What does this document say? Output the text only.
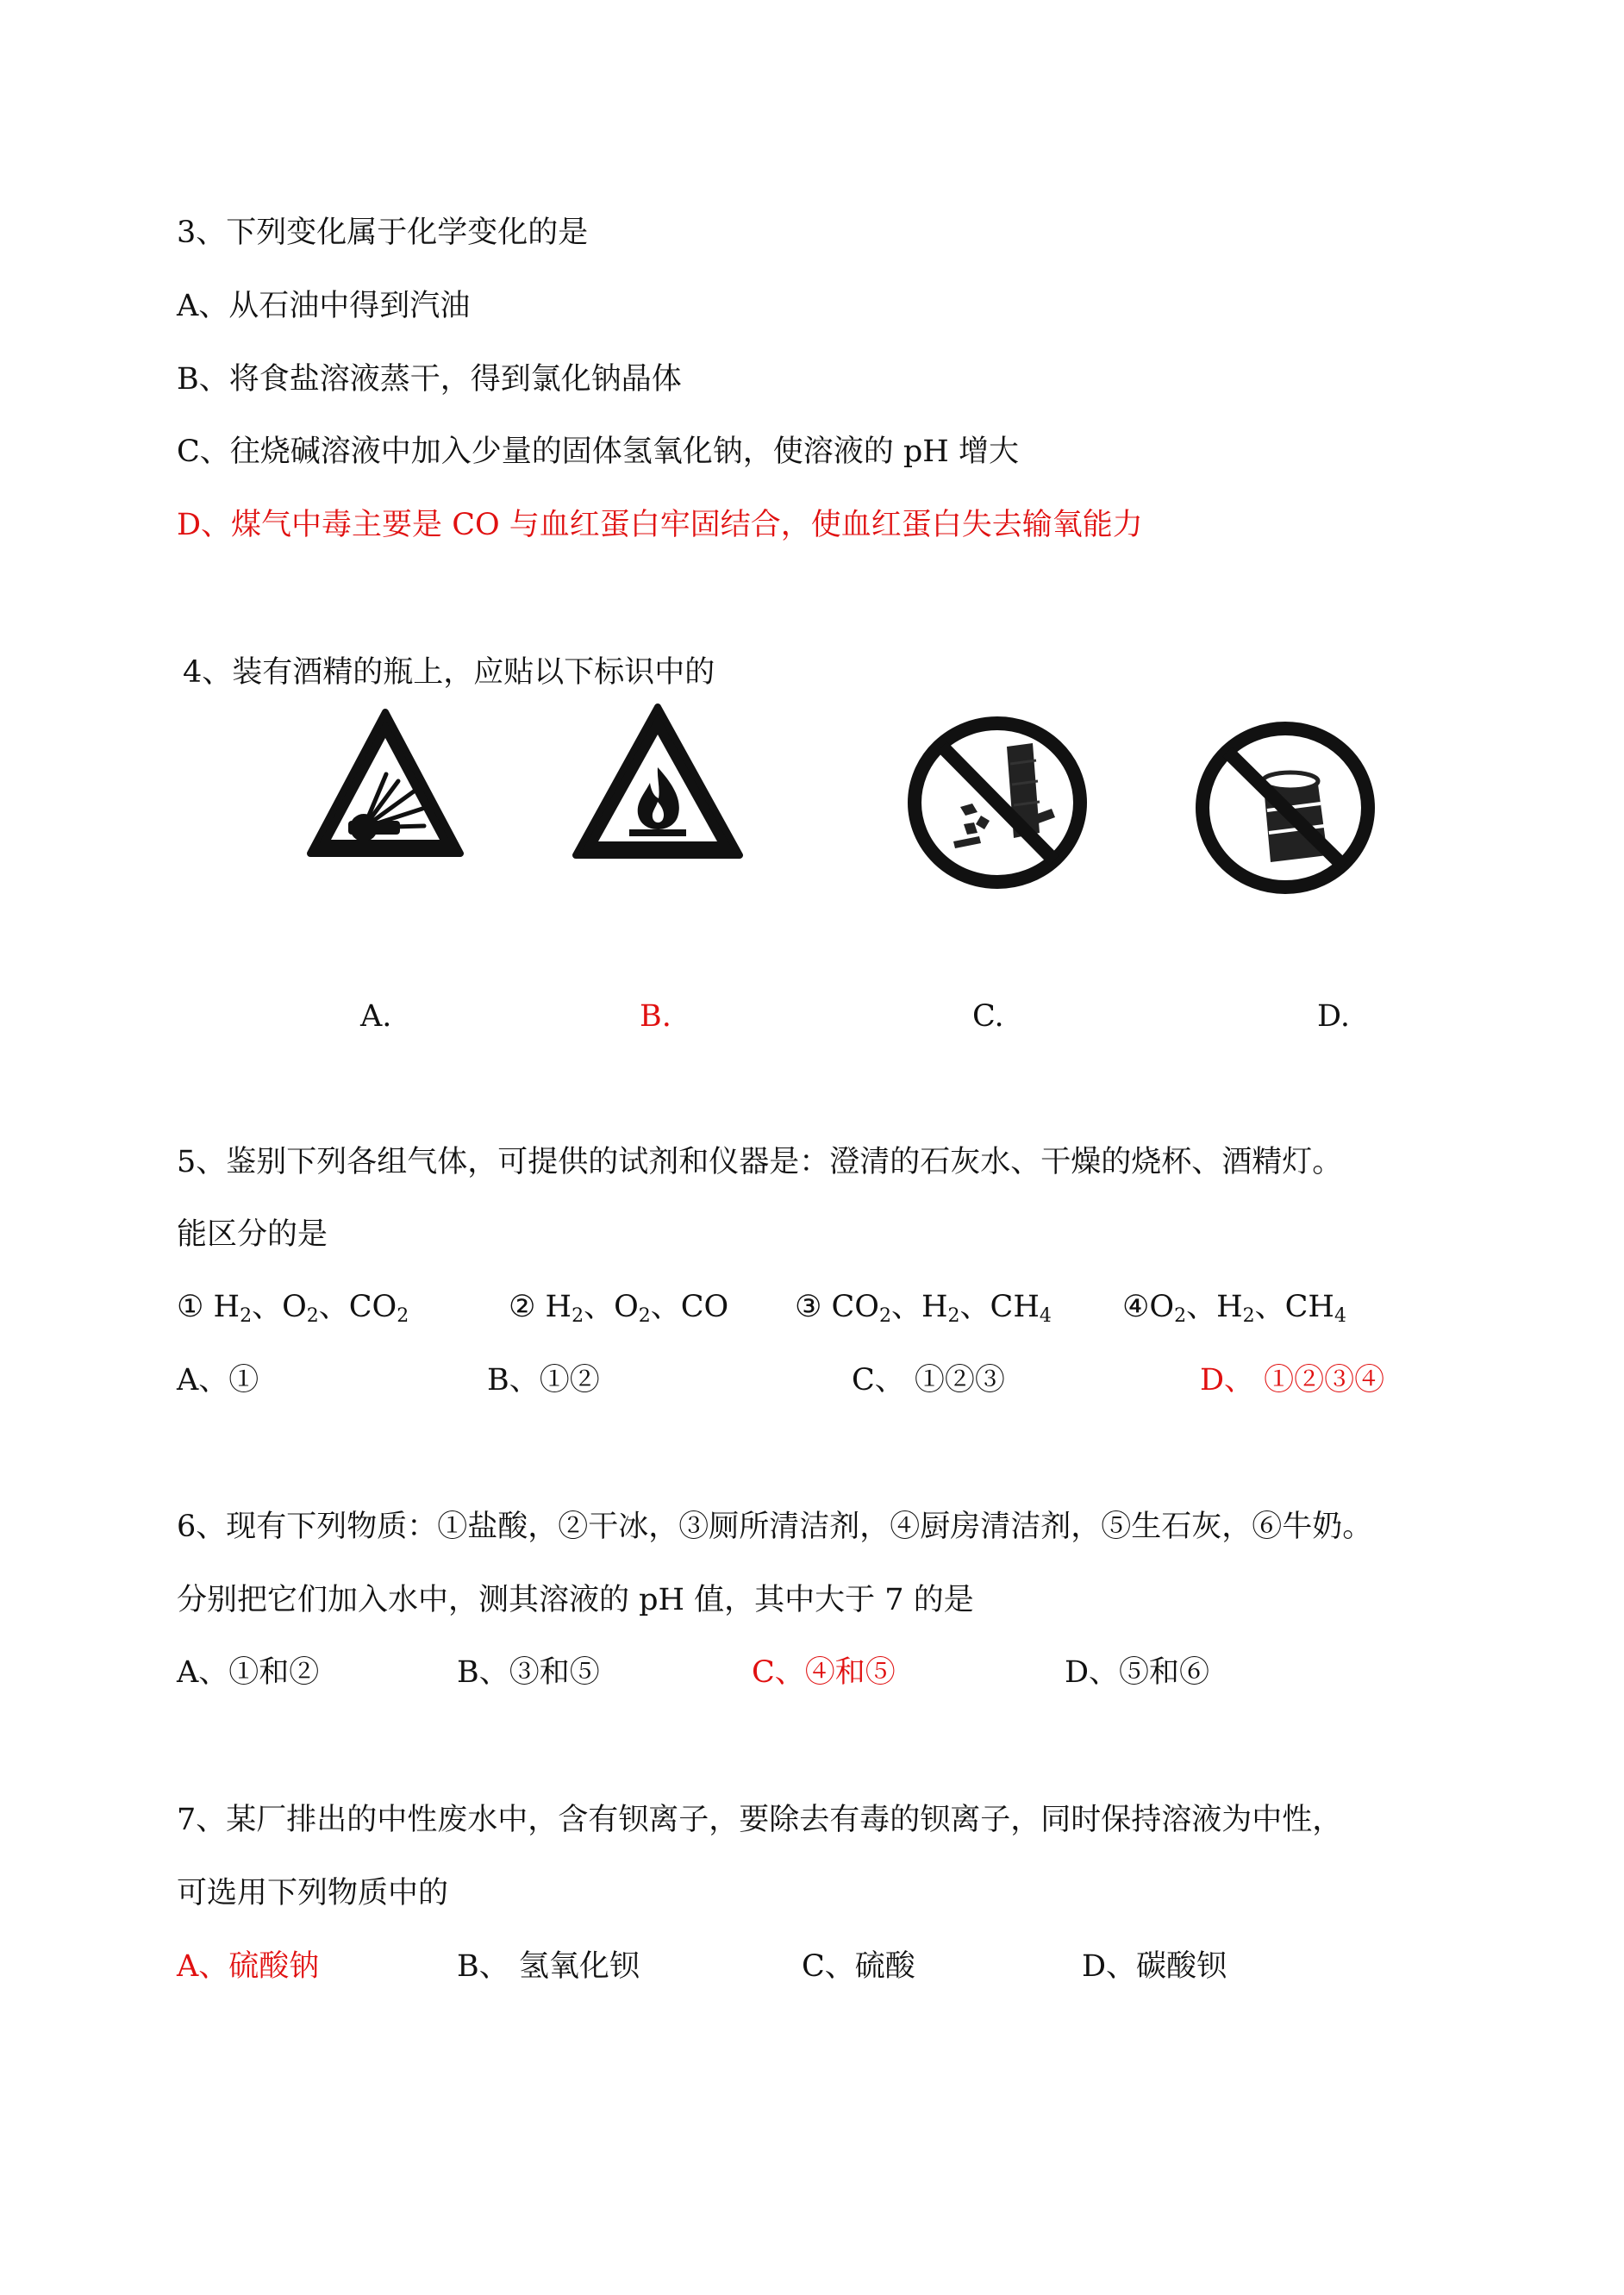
3、下列变化属于化学变化的是
A、从石油中得到汽油
B、将食盐溶液蒸干，得到氯化钠晶体
C、往烧碱溶液中加入少量的固体氢氧化钠，使溶液的 pH 增大
D、煤气中毒主要是 CO 与血红蛋白牢固结合，使血红蛋白失去输氧能力
4、装有酒精的瓶上，应贴以下标识中的
A.	B.	C.	D.
5、鉴别下列各组气体，可提供的试剂和仪器是：澄清的石灰水、干燥的烧杯、酒精灯。
能区分的是
① $H_2$、$O_2$、$CO_2$	② $H_2$、$O_2$、CO ③ $CO_2$、$H_2$、$CH_4$ $④O_2$、$H_2$、$CH_4$
A、①	B、①②	C、 ①②③	D、 ①②③④
6、现有下列物质：①盐酸，②干冰，③厕所清洁剂，④厨房清洁剂，⑤生石灰，⑥牛奶。
分别把它们加入水中，测其溶液的 pH 值，其中大于 7 的是
A、①和②	B、③和⑤	C、④和⑤	D、⑤和⑥
7、某厂排出的中性废水中，含有钡离子，要除去有毒的钡离子，同时保持溶液为中性，
可选用下列物质中的
A、硫酸钠	B、 氢氧化钡	C、硫酸	D、碳酸钡
